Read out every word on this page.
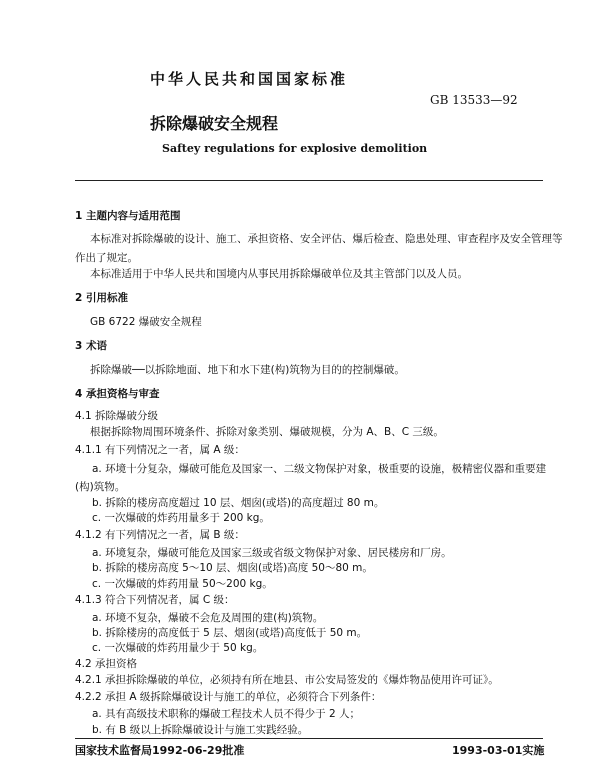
中华人民共和国国家标准
GB 13533—92
拆除爆破安全规程
Saftey regulations for explosive demolition
1 主题内容与适用范围
本标准对拆除爆破的设计、施工、承担资格、安全评估、爆后检查、隐患处理、审查程序及安全管理等
作出了规定。
本标准适用于中华人民共和国境内从事民用拆除爆破单位及其主管部门以及人员。
2 引用标准
GB 6722 爆破安全规程
3 术语
拆除爆破──以拆除地面、地下和水下建(构)筑物为目的的控制爆破。
4 承担资格与审查
4.1 拆除爆破分级
根据拆除物周围环境条件、拆除对象类别、爆破规模，分为 A、B、C 三级。
4.1.1 有下列情况之一者，属 A 级：
a. 环境十分复杂，爆破可能危及国家一、二级文物保护对象，极重要的设施，极精密仪器和重要建
(构)筑物。
b. 拆除的楼房高度超过 10 层、烟囱(或塔)的高度超过 80 m。
c. 一次爆破的炸药用量多于 200 kg。
4.1.2 有下列情况之一者，属 B 级：
a. 环境复杂，爆破可能危及国家三级或省级文物保护对象、居民楼房和厂房。
b. 拆除的楼房高度 5～10 层、烟囱(或塔)高度 50～80 m。
c. 一次爆破的炸药用量 50～200 kg。
4.1.3 符合下列情况者，属 C 级：
a. 环境不复杂，爆破不会危及周围的建(构)筑物。
b. 拆除楼房的高度低于 5 层、烟囱(或塔)高度低于 50 m。
c. 一次爆破的炸药用量少于 50 kg。
4.2 承担资格
4.2.1 承担拆除爆破的单位，必须持有所在地县、市公安局签发的《爆炸物品使用许可证》。
4.2.2 承担 A 级拆除爆破设计与施工的单位，必须符合下列条件：
a. 具有高级技术职称的爆破工程技术人员不得少于 2 人；
b. 有 B 级以上拆除爆破设计与施工实践经验。
国家技术监督局1992-06-29批准	1993-03-01实施
